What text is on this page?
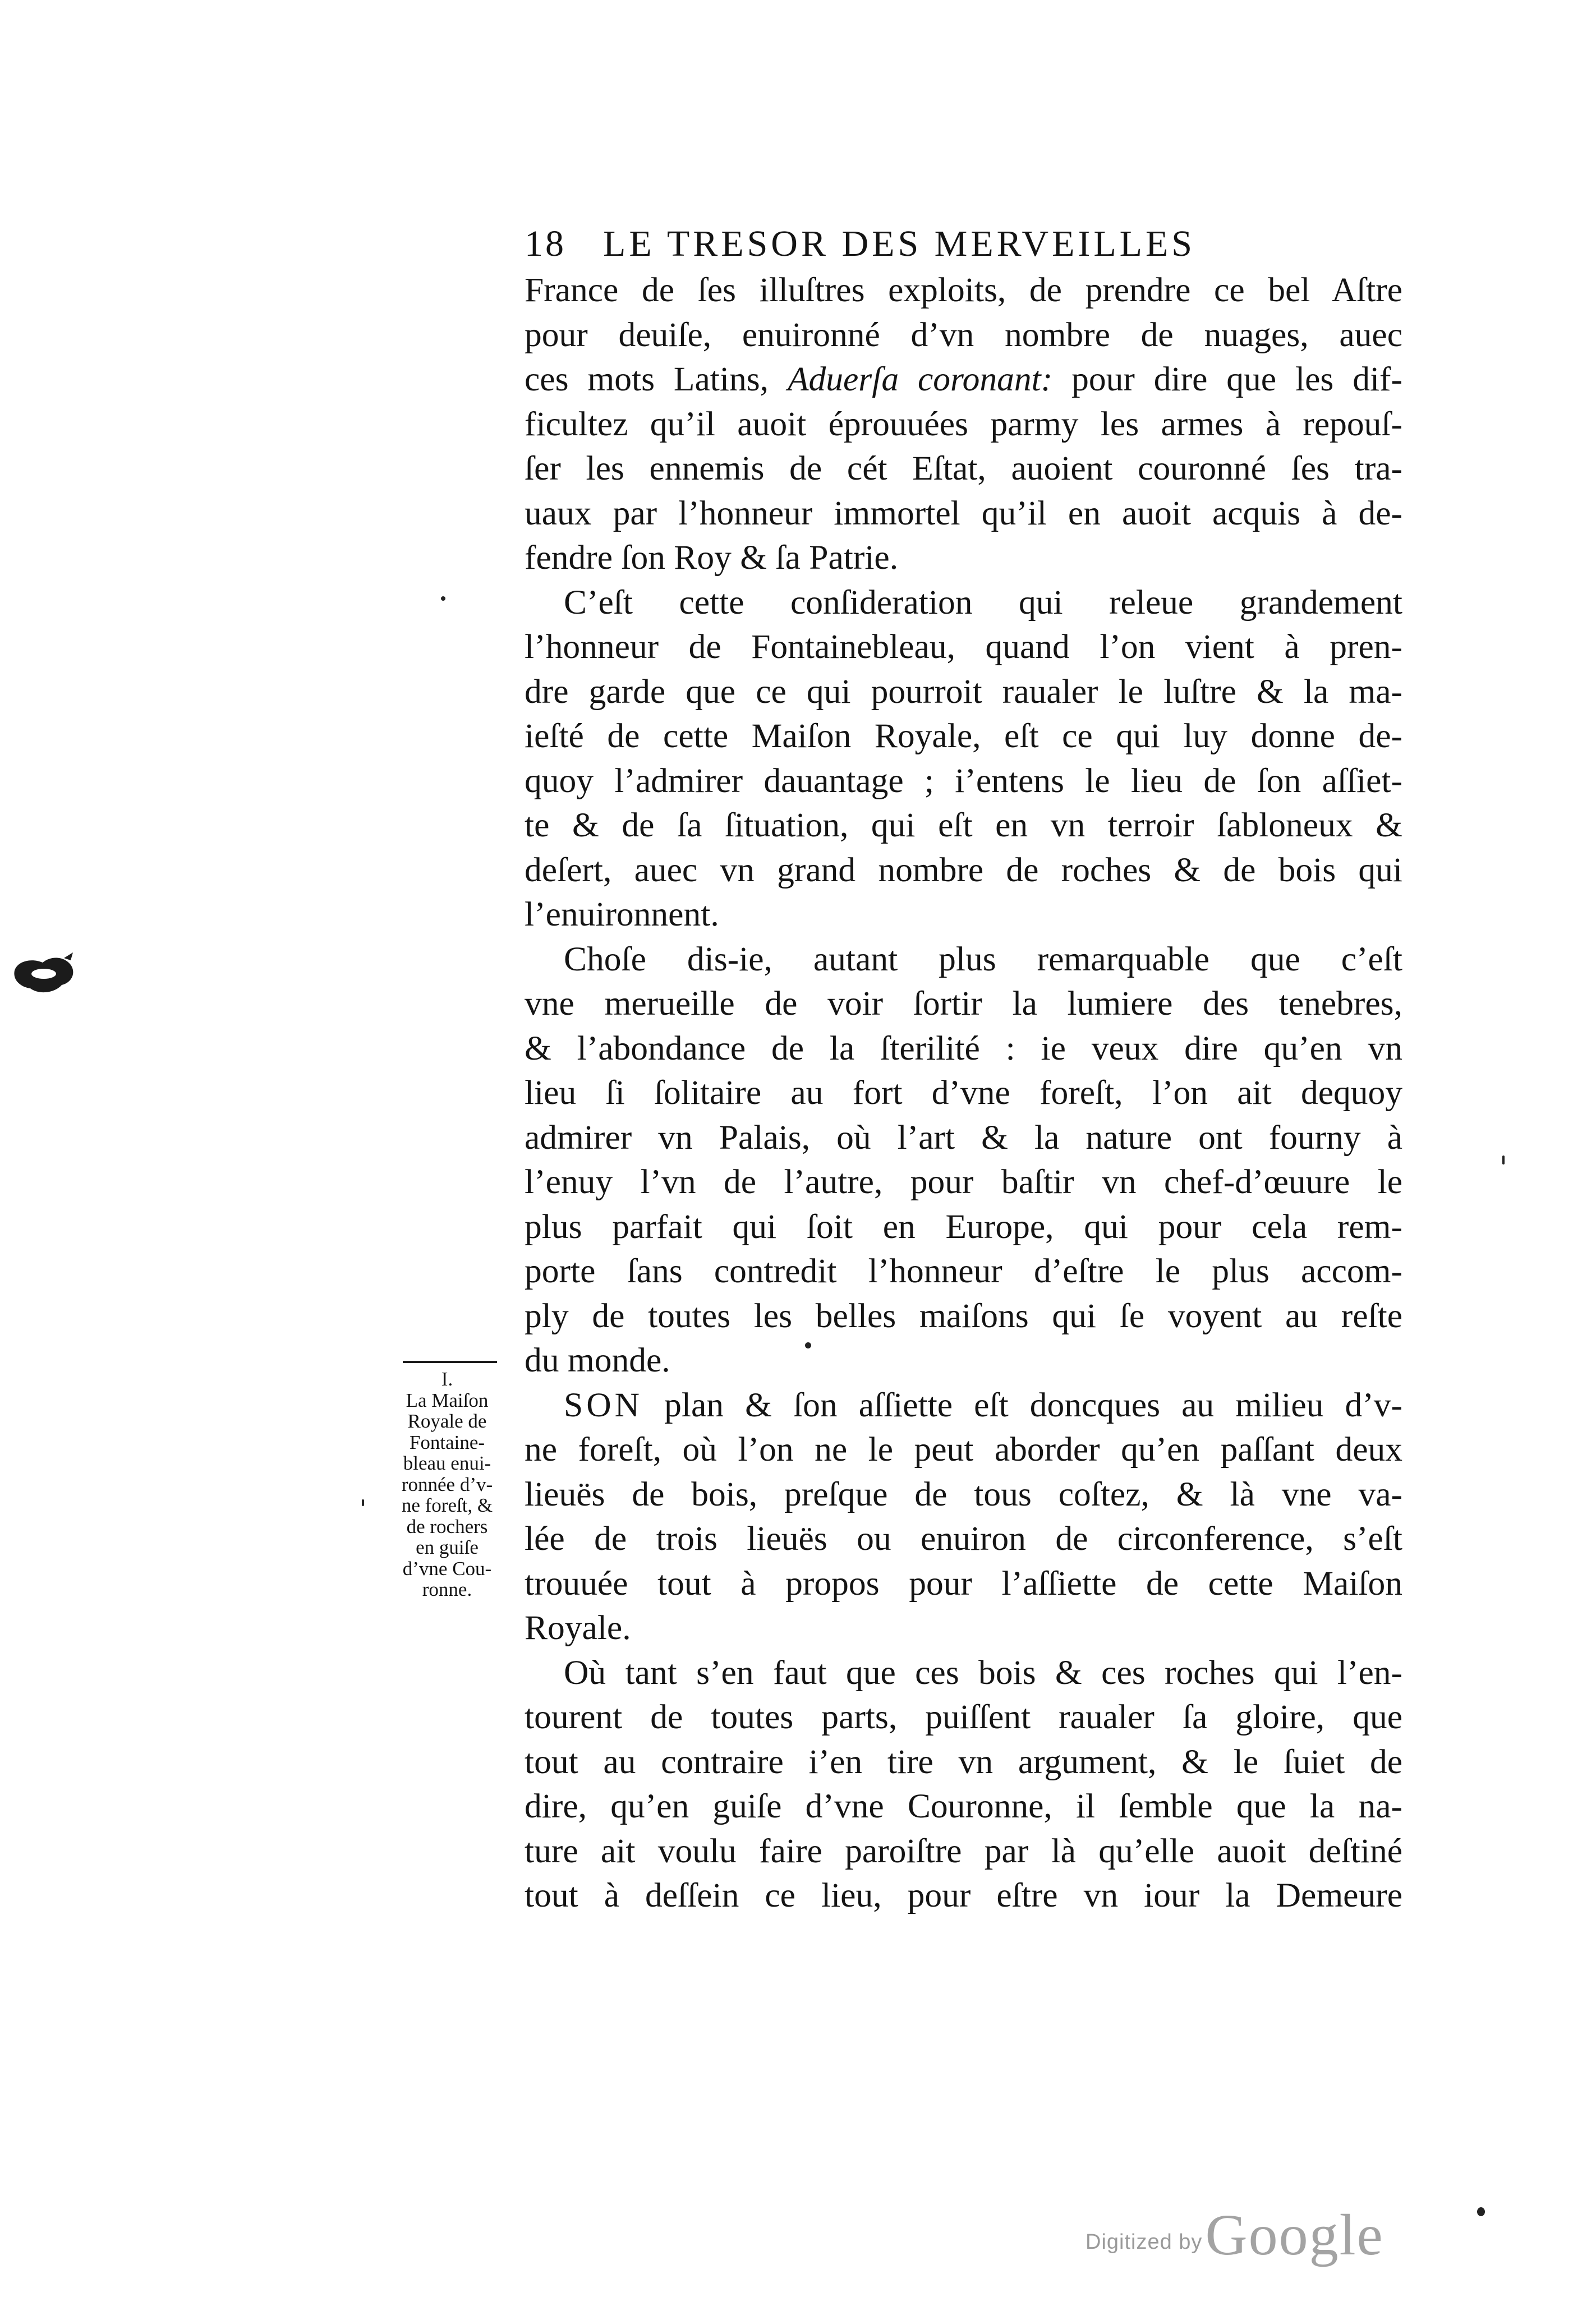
18 LE TRESOR DES MERVEILLES
France de ſes illuſtres exploits, de prendre ce bel Aſtre
pour deuiſe, enuironné d’vn nombre de nuages, auec
ces mots Latins, Aduerſa coronant: pour dire que les dif-
ficultez qu’il auoit éprouuées parmy les armes à repouſ-
ſer les ennemis de cét Eſtat, auoient couronné ſes tra-
uaux par l’honneur immortel qu’il en auoit acquis à de-
fendre ſon Roy & ſa Patrie.
C’eſt cette conſideration qui releue grandement
l’honneur de Fontainebleau, quand l’on vient à pren-
dre garde que ce qui pourroit raualer le luſtre & la ma-
ieſté de cette Maiſon Royale, eſt ce qui luy donne de-
quoy l’admirer dauantage ; i’entens le lieu de ſon aſſiet-
te & de ſa ſituation, qui eſt en vn terroir ſabloneux &
deſert, auec vn grand nombre de roches & de bois qui
l’enuironnent.
Choſe dis-ie, autant plus remarquable que c’eſt
vne merueille de voir ſortir la lumiere des tenebres,
& l’abondance de la ſterilité : ie veux dire qu’en vn
lieu ſi ſolitaire au fort d’vne foreſt, l’on ait dequoy
admirer vn Palais, où l’art & la nature ont fourny à
l’enuy l’vn de l’autre, pour baſtir vn chef-d’œuure le
plus parfait qui ſoit en Europe, qui pour cela rem-
porte ſans contredit l’honneur d’eſtre le plus accom-
ply de toutes les belles maiſons qui ſe voyent au reſte
du monde.
SON plan & ſon aſſiette eſt doncques au milieu d’v-
ne foreſt, où l’on ne le peut aborder qu’en paſſant deux
lieuës de bois, preſque de tous coſtez, & là vne va-
lée de trois lieuës ou enuiron de circonference, s’eſt
trouuée tout à propos pour l’aſſiette de cette Maiſon
Royale.
Où tant s’en faut que ces bois & ces roches qui l’en-
tourent de toutes parts, puiſſent raualer ſa gloire, que
tout au contraire i’en tire vn argument, & le ſuiet de
dire, qu’en guiſe d’vne Couronne, il ſemble que la na-
ture ait voulu faire paroiſtre par là qu’elle auoit deſtiné
tout à deſſein ce lieu, pour eſtre vn iour la Demeure
I.
La Maiſon
Royale de
Fontaine-
bleau enui-
ronnée d’v-
ne foreſt, &
de rochers
en guiſe
d’vne Cou-
ronne.
Digitized by Google
